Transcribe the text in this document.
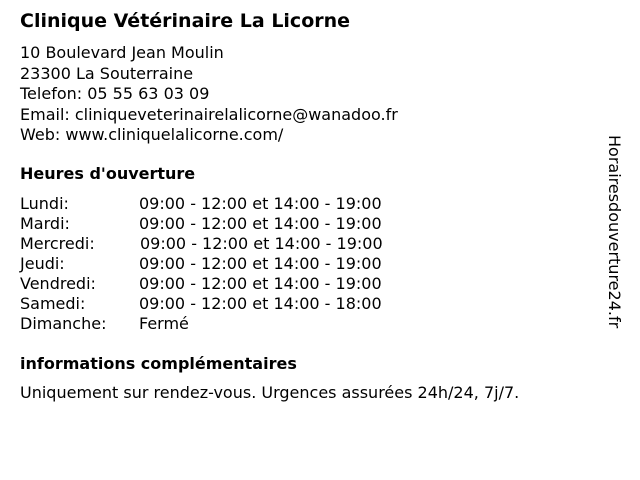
Clinique Vétérinaire La Licorne
10 Boulevard Jean Moulin
23300 La Souterraine
Telefon: 05 55 63 03 09
Email: cliniqueveterinairelalicorne@wanadoo.fr
Web: www.cliniquelalicorne.com/
Heures d'ouverture
Lundi:	09:00 - 12:00 et 14:00 - 19:00
Mardi:	09:00 - 12:00 et 14:00 - 19:00
Mercredi:	09:00 - 12:00 et 14:00 - 19:00
Jeudi:	09:00 - 12:00 et 14:00 - 19:00
Vendredi:	09:00 - 12:00 et 14:00 - 19:00
Samedi:	09:00 - 12:00 et 14:00 - 18:00
Dimanche: Fermé
informations complémentaires
Uniquement sur rendez-vous. Urgences assurées 24h/24, 7j/7.
Horairesdouverture24.fr
